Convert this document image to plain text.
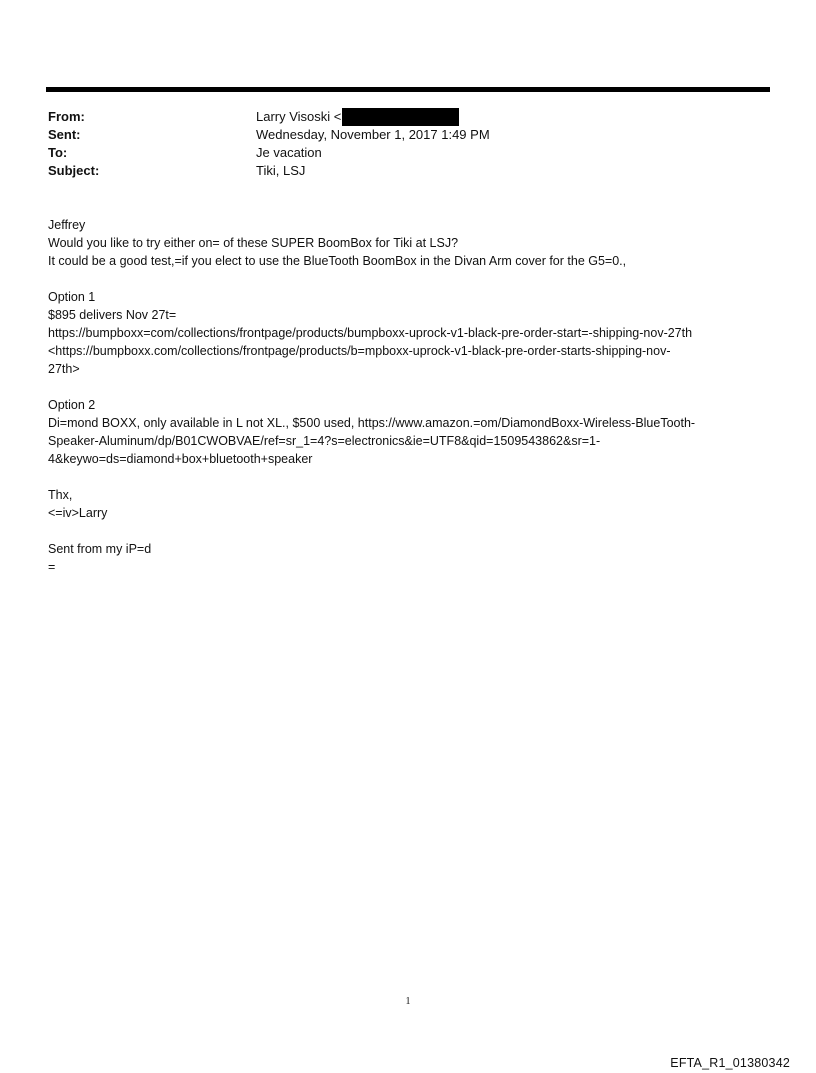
From:	Larry Visoski <
Sent:	Wednesday, November 1, 2017 1:49 PM
To:	Je vacation
Subject:	Tiki, LSJ
Jeffrey
Would you like to try either on= of these SUPER BoomBox for Tiki at LSJ?
It could be a good test,=if you elect to use the BlueTooth BoomBox in the Divan Arm cover for the G5=0.,
Option 1
$895 delivers Nov 27t=
https://bumpboxx=com/collections/frontpage/products/bumpboxx-uprock-v1-black-pre-order-start=-shipping-nov-27th
<https://bumpboxx.com/collections/frontpage/products/b=mpboxx-uprock-v1-black-pre-order-starts-shipping-nov-
27th>
Option 2
Di=mond BOXX, only available in L not XL., $500 used, https://www.amazon.=om/DiamondBoxx-Wireless-BlueTooth-
Speaker-Aluminum/dp/B01CWOBVAE/ref=sr_1=4?s=electronics&ie=UTF8&qid=1509543862&sr=1-
4&keywo=ds=diamond+box+bluetooth+speaker
Thx,
<=iv>Larry
Sent from my iP=d
=
1
EFTA_R1_01380342
